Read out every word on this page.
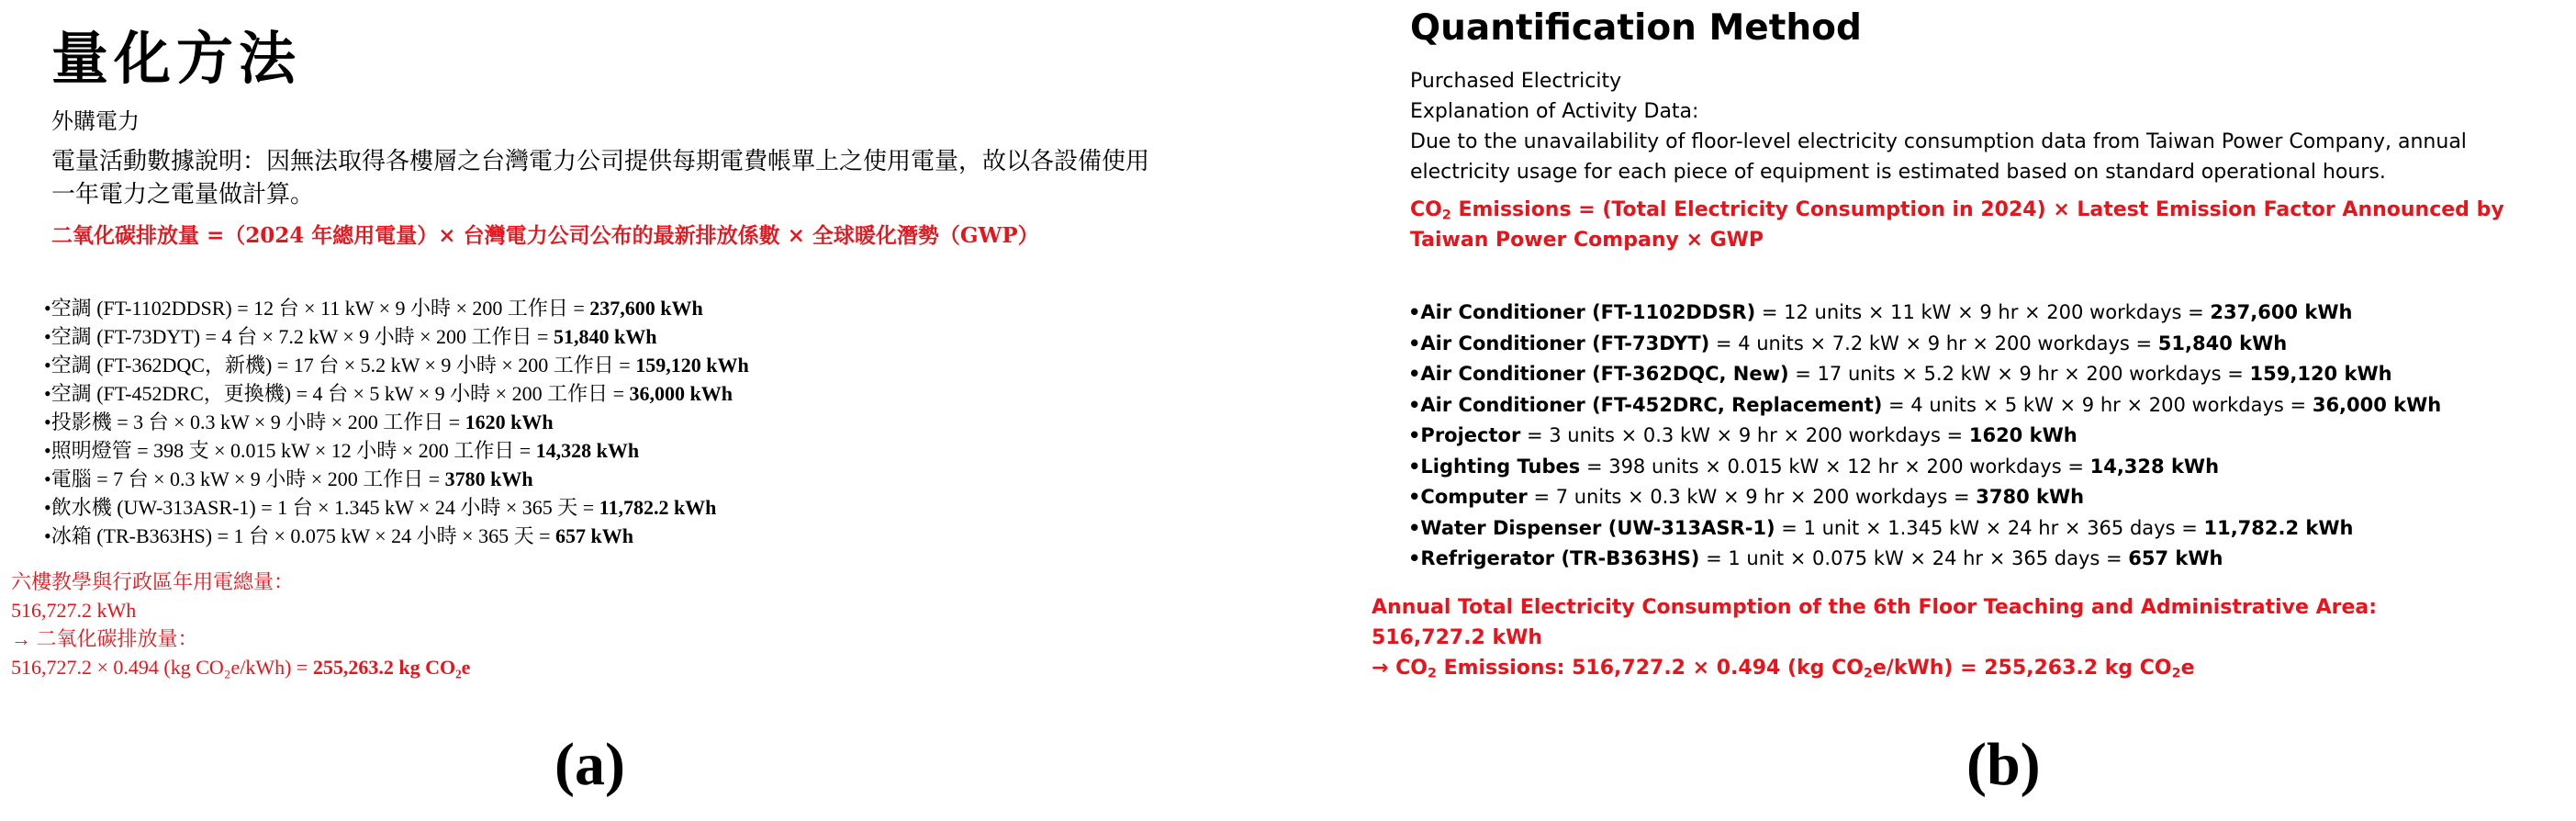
量化方法
外購電力
電量活動數據說明：因無法取得各樓層之台灣電力公司提供每期電費帳單上之使用電量，故以各設備使用一年電力之電量做計算。
二氧化碳排放量 =（2024 年總用電量）× 台灣電力公司公布的最新排放係數 × 全球暖化潛勢（GWP）
•空調 (FT-1102DDSR) = 12 台 × 11 kW × 9 小時 × 200 工作日 = 237,600 kWh
•空調 (FT-73DYT) = 4 台 × 7.2 kW × 9 小時 × 200 工作日 = 51,840 kWh
•空調 (FT-362DQC，新機) = 17 台 × 5.2 kW × 9 小時 × 200 工作日 = 159,120 kWh
•空調 (FT-452DRC，更換機) = 4 台 × 5 kW × 9 小時 × 200 工作日 = 36,000 kWh
•投影機 = 3 台 × 0.3 kW × 9 小時 × 200 工作日 = 1620 kWh
•照明燈管 = 398 支 × 0.015 kW × 12 小時 × 200 工作日 = 14,328 kWh
•電腦 = 7 台 × 0.3 kW × 9 小時 × 200 工作日 = 3780 kWh
•飲水機 (UW-313ASR-1) = 1 台 × 1.345 kW × 24 小時 × 365 天 = 11,782.2 kWh
•冰箱 (TR-B363HS) = 1 台 × 0.075 kW × 24 小時 × 365 天 = 657 kWh
六樓教學與行政區年用電總量：
516,727.2 kWh
→ 二氧化碳排放量：
516,727.2 × 0.494 (kg CO₂e/kWh) = 255,263.2 kg CO₂e
(a)
Quantification Method
Purchased Electricity
Explanation of Activity Data:
Due to the unavailability of floor-level electricity consumption data from Taiwan Power Company, annual electricity usage for each piece of equipment is estimated based on standard operational hours.
$CO_2$ Emissions = (Total Electricity Consumption in 2024) × Latest Emission Factor Announced by Taiwan Power Company × GWP
•Air Conditioner (FT-1102DDSR) = 12 units × 11 kW × 9 hr × 200 workdays = 237,600 kWh
•Air Conditioner (FT-73DYT) = 4 units × 7.2 kW × 9 hr × 200 workdays = 51,840 kWh
•Air Conditioner (FT-362DQC, New) = 17 units × 5.2 kW × 9 hr × 200 workdays = 159,120 kWh
•Air Conditioner (FT-452DRC, Replacement) = 4 units × 5 kW × 9 hr × 200 workdays = 36,000 kWh
•Projector = 3 units × 0.3 kW × 9 hr × 200 workdays = 1620 kWh
•Lighting Tubes = 398 units × 0.015 kW × 12 hr × 200 workdays = 14,328 kWh
•Computer = 7 units × 0.3 kW × 9 hr × 200 workdays = 3780 kWh
•Water Dispenser (UW-313ASR-1) = 1 unit × 1.345 kW × 24 hr × 365 days = 11,782.2 kWh
•Refrigerator (TR-B363HS) = 1 unit × 0.075 kW × 24 hr × 365 days = 657 kWh
Annual Total Electricity Consumption of the 6th Floor Teaching and Administrative Area:
516,727.2 kWh
→ $CO_2$ Emissions: 516,727.2 × 0.494 (kg $CO_2e/kWh) = 255,263.2$ kg $CO_2e$
(b)
